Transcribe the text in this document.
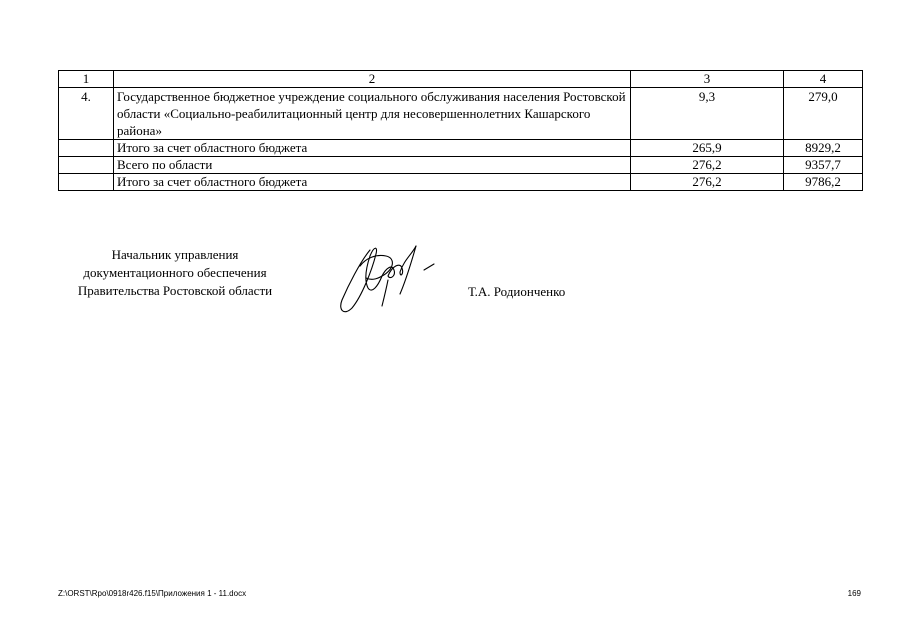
1	2	3	4
4.	Государственное бюджетное учреждение социального обслуживания населения Ростовской области «Социально-реабилитационный центр для несовершеннолетних Кашарского района»	9,3	279,0
	Итого за счет областного бюджета	265,9	8929,2
	Всего по области	276,2	9357,7
	Итого за счет областного бюджета	276,2	9786,2
Начальник управления
документационного обеспечения
Правительства Ростовской области	Т.А. Родионченко
Z:\ORST\Rpo\0918r426.f15\Приложения 1 - 11.docx	169
